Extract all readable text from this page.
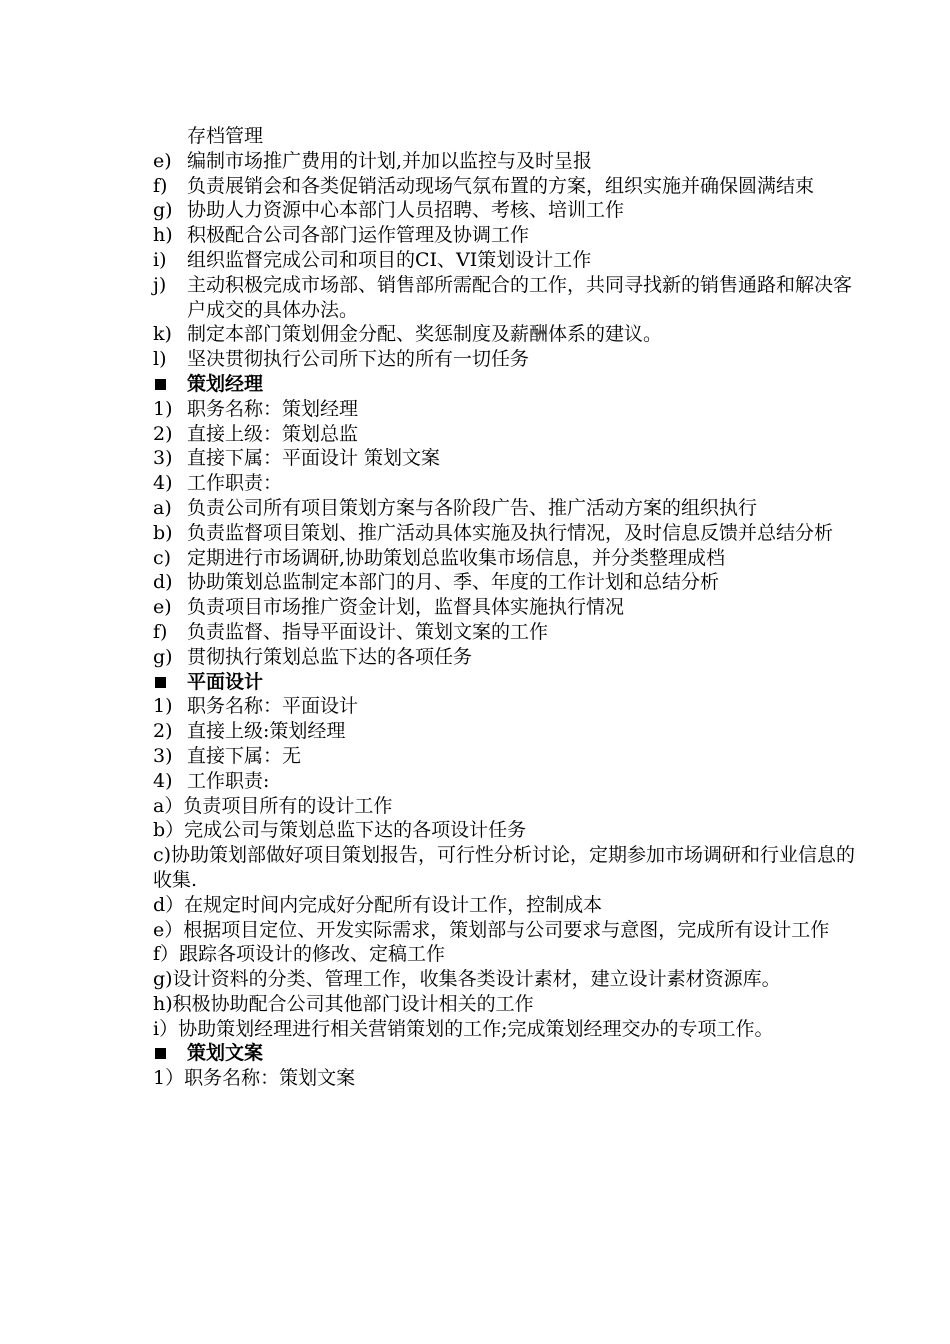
存档管理
e) 编制市场推广费用的计划,并加以监控与及时呈报
f)	负责展销会和各类促销活动现场气氛布置的方案，组织实施并确保圆满结束
g) 协助人力资源中心本部门人员招聘、考核、培训工作
h) 积极配合公司各部门运作管理及协调工作
i)	组织监督完成公司和项目的CI、VI策划设计工作
j)	主动积极完成市场部、销售部所需配合的工作，共同寻找新的销售通路和解决客户成交的具体办法。
k) 制定本部门策划佣金分配、奖惩制度及薪酬体系的建议。
l)	坚决贯彻执行公司所下达的所有一切任务
策划经理
1) 职务名称：策划经理
2) 直接上级：策划总监
3) 直接下属：平面设计 策划文案
4) 工作职责：
a) 负责公司所有项目策划方案与各阶段广告、推广活动方案的组织执行
b) 负责监督项目策划、推广活动具体实施及执行情况，及时信息反馈并总结分析
c) 定期进行市场调研,协助策划总监收集市场信息，并分类整理成档
d) 协助策划总监制定本部门的月、季、年度的工作计划和总结分析
e) 负责项目市场推广资金计划，监督具体实施执行情况
f)	负责监督、指导平面设计、策划文案的工作
g) 贯彻执行策划总监下达的各项任务
平面设计
1) 职务名称：平面设计
2) 直接上级:策划经理
3) 直接下属：无
4) 工作职责:
a）负责项目所有的设计工作
b）完成公司与策划总监下达的各项设计任务
c)协助策划部做好项目策划报告，可行性分析讨论，定期参加市场调研和行业信息的收集.
d）在规定时间内完成好分配所有设计工作，控制成本
e）根据项目定位、开发实际需求，策划部与公司要求与意图，完成所有设计工作
f）跟踪各项设计的修改、定稿工作
g)设计资料的分类、管理工作，收集各类设计素材，建立设计素材资源库。
h)积极协助配合公司其他部门设计相关的工作
i）协助策划经理进行相关营销策划的工作;完成策划经理交办的专项工作。
策划文案
1）职务名称：策划文案
